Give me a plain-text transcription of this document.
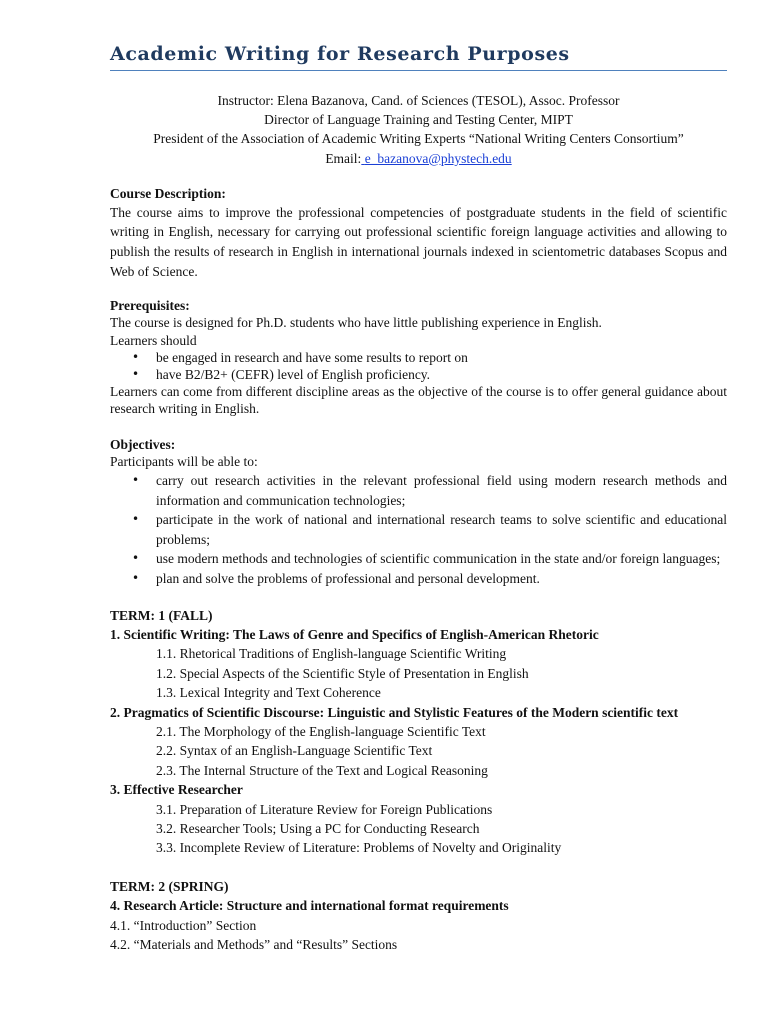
Academic Writing for Research Purposes
Instructor: Elena Bazanova, Cand. of Sciences (TESOL), Assoc. Professor
Director of Language Training and Testing Center, MIPT
President of the Association of Academic Writing Experts “National Writing Centers Consortium”
Email: e_bazanova@phystech.edu
Course Description:

The course aims to improve the professional competencies of postgraduate students in the field of scientific writing in English, necessary for carrying out professional scientific foreign language activities and allowing to publish the results of research in English in international journals indexed in scientometric databases Scopus and Web of Science.

Prerequisites:

The course is designed for Ph.D. students who have little publishing experience in English.

Learners should

• be engaged in research and have some results to report on
• have B2/B2+ (CEFR) level of English proficiency.

Learners can come from different discipline areas as the objective of the course is to offer general guidance about research writing in English.

Objectives:

Participants will be able to:

• carry out research activities in the relevant professional field using modern research methods and information and communication technologies;
• participate in the work of national and international research teams to solve scientific and educational problems;
• use modern methods and technologies of scientific communication in the state and/or foreign languages;
• plan and solve the problems of professional and personal development.

TERM: 1 (FALL)

1. Scientific Writing: The Laws of Genre and Specifics of English-American Rhetoric

1.1. Rhetorical Traditions of English-language Scientific Writing

1.2. Special Aspects of the Scientific Style of Presentation in English

1.3. Lexical Integrity and Text Coherence

2. Pragmatics of Scientific Discourse: Linguistic and Stylistic Features of the Modern scientific text

2.1. The Morphology of the English-language Scientific Text

2.2. Syntax of an English-Language Scientific Text

2.3. The Internal Structure of the Text and Logical Reasoning

3. Effective Researcher

3.1. Preparation of Literature Review for Foreign Publications

3.2. Researcher Tools; Using a PC for Conducting Research

3.3. Incomplete Review of Literature: Problems of Novelty and Originality

TERM: 2 (SPRING)

4. Research Article: Structure and international format requirements

4.1. “Introduction” Section

4.2. “Materials and Methods” and “Results” Sections
